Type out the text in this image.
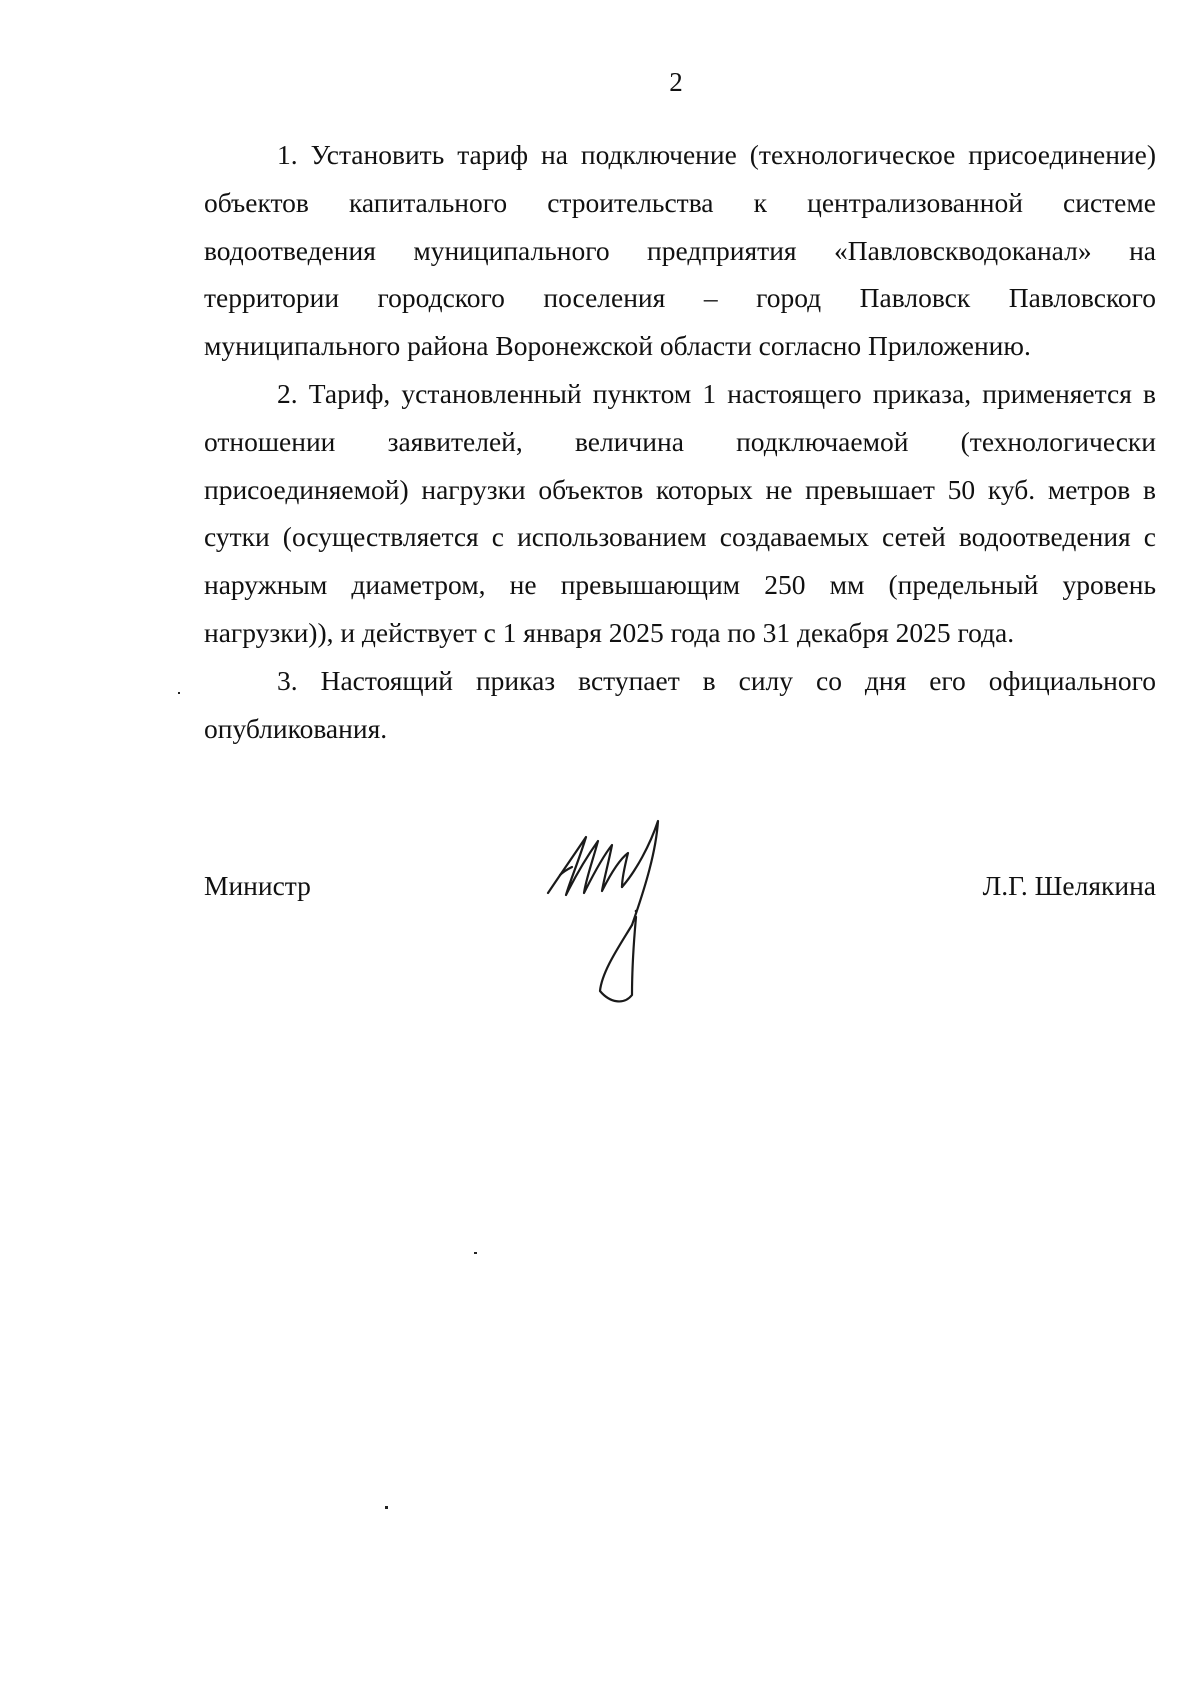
2

1. Установить тариф на подключение (технологическое присоединение) объектов капитального строительства к централизованной системе водоотведения муниципального предприятия «Павловскводоканал» на территории городского поселения – город Павловск Павловского муниципального района Воронежской области согласно Приложению.

2. Тариф, установленный пунктом 1 настоящего приказа, применяется в отношении заявителей, величина подключаемой (технологически присоединяемой) нагрузки объектов которых не превышает 50 куб. метров в сутки (осуществляется с использованием создаваемых сетей водоотведения с наружным диаметром, не превышающим 250 мм (предельный уровень нагрузки)), и действует с 1 января 2025 года по 31 декабря 2025 года.

3. Настоящий приказ вступает в силу со дня его официального опубликования.

Министр	Л.Г. Шелякина
